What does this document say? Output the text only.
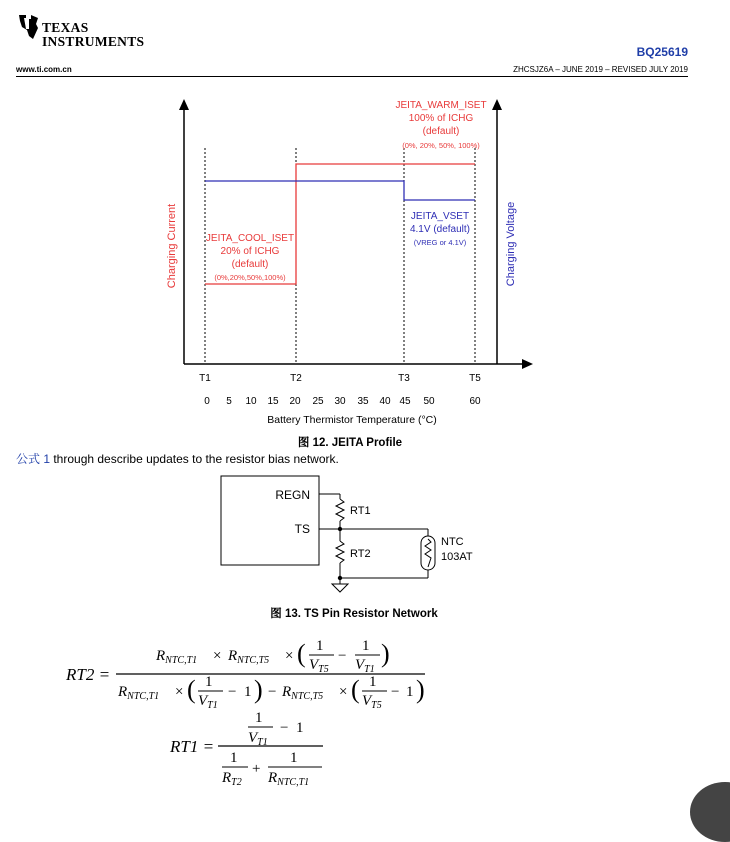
TEXAS
INSTRUMENTS
BQ25619
www.ti.com.cn	ZHCSJZ6A – JUNE 2019 – REVISED JULY 2019
T1	T2	T3	T5
Charging Current	Charging Voltage
0 5 10 15 20 25 30 35 40 45 50	60
Battery Thermistor Temperature (°C)
JEITA_WARM_ISET
100% of ICHG
(default)
(0%, 20%, 50%, 100%)
JEITA_COOL_ISET
20% of ICHG
(default)
(0%,20%,50%,100%)
JEITA_VSET
4.1V (default)
(VREG or 4.1V)
图 12. JEITA Profile
公式 1 through describe updates to the resistor bias network.
REGN
TS
RT1
RT2
NTC
103AT
图 13. TS Pin Resistor Network
RT2 =
$R_{NTC,T1} \times R_{NTC,T5}$ × ( 1
$V_{T5}$
−
1
$V_{T1}$
)
$R_{NTC,T1}$ × ( 1
$V_{T1}$
− 1 ) − $R_{NTC,T5}$ × ( 1
$V_{T5}$
− 1 )
RT1 =
1
$V_{T1}$
− 1
1
$R_{T2}$
+
1
$R_{NTC,T1}$
